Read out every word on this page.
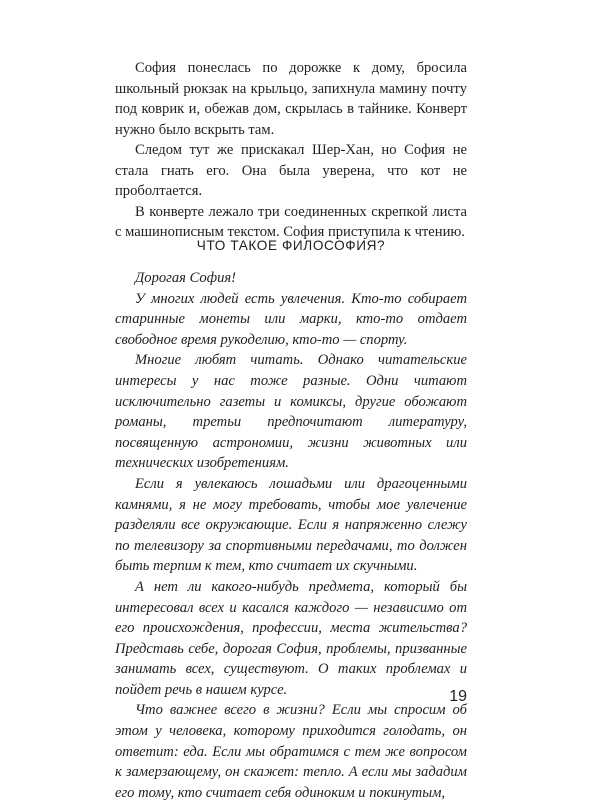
София понеслась по дорожке к дому, бросила школьный рюкзак на крыльцо, запихнула мамину почту под коврик и, обежав дом, скрылась в тайнике. Конверт нужно было вскрыть там.

Следом тут же прискакал Шер-Хан, но София не стала гнать его. Она была уверена, что кот не проболтается.

В конверте лежало три соединенных скрепкой листа с машинописным текстом. София приступила к чтению.

ЧТО ТАКОЕ ФИЛОСОФИЯ?

Дорогая София!

У многих людей есть увлечения. Кто-то собирает старинные монеты или марки, кто-то отдает свободное время рукоделию, кто-то — спорту.

Многие любят читать. Однако читательские интересы у нас тоже разные. Одни читают исключительно газеты и комиксы, другие обожают романы, третьи предпочитают литературу, посвященную астрономии, жизни животных или технических изобретениям.

Если я увлекаюсь лошадьми или драгоценными камнями, я не могу требовать, чтобы мое увлечение разделяли все окружающие. Если я напряженно слежу по телевизору за спортивными передачами, то должен быть терпим к тем, кто считает их скучными.

А нет ли какого-нибудь предмета, который бы интересовал всех и касался каждого — независимо от его происхождения, профессии, места жительства? Представь себе, дорогая София, проблемы, призванные занимать всех, существуют. О таких проблемах и пойдет речь в нашем курсе.

Что важнее всего в жизни? Если мы спросим об этом у человека, которому приходится голодать, он ответит: еда. Если мы обратимся с тем же вопросом к замерзающему, он скажет: тепло. А если мы зададим его тому, кто считает себя одиноким и покинутым,

19
